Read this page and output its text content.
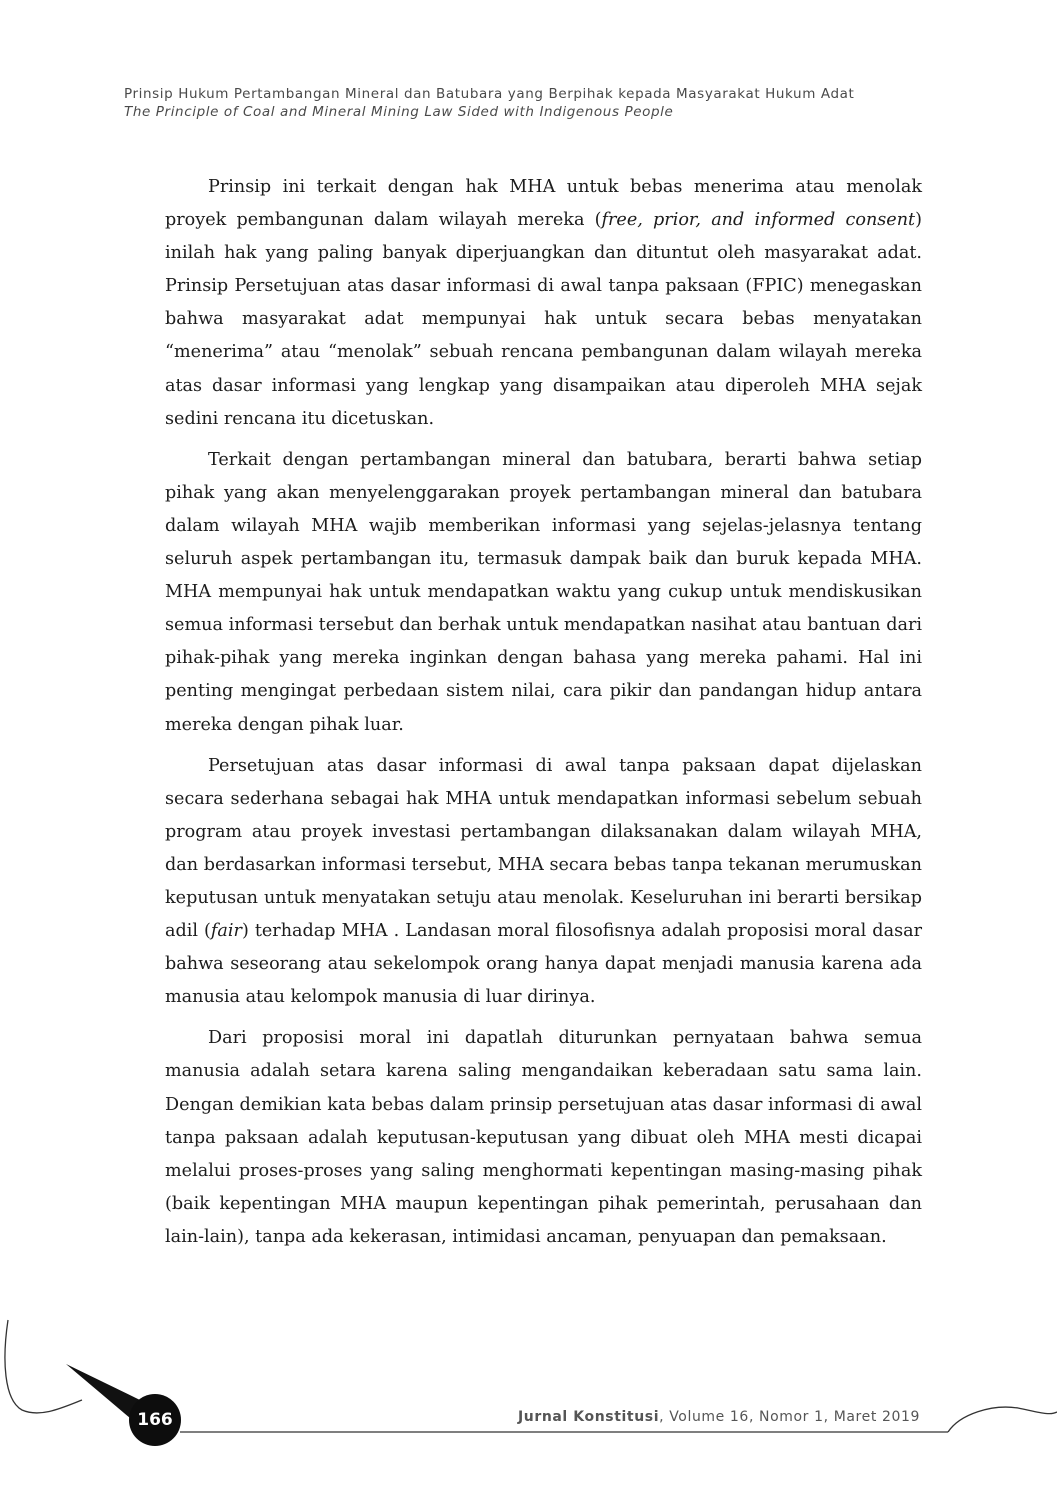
Prinsip Hukum Pertambangan Mineral dan Batubara yang Berpihak kepada Masyarakat Hukum Adat
The Principle of Coal and Mineral Mining Law Sided with Indigenous People

Prinsip ini terkait dengan hak MHA untuk bebas menerima atau menolak proyek pembangunan dalam wilayah mereka (free, prior, and informed consent) inilah hak yang paling banyak diperjuangkan dan dituntut oleh masyarakat adat. Prinsip Persetujuan atas dasar informasi di awal tanpa paksaan (FPIC) menegaskan bahwa masyarakat adat mempunyai hak untuk secara bebas menyatakan “menerima” atau “menolak” sebuah rencana pembangunan dalam wilayah mereka atas dasar informasi yang lengkap yang disampaikan atau diperoleh MHA sejak sedini rencana itu dicetuskan.

Terkait dengan pertambangan mineral dan batubara, berarti bahwa setiap pihak yang akan menyelenggarakan proyek pertambangan mineral dan batubara dalam wilayah MHA wajib memberikan informasi yang sejelas-jelasnya tentang seluruh aspek pertambangan itu, termasuk dampak baik dan buruk kepada MHA. MHA mempunyai hak untuk mendapatkan waktu yang cukup untuk mendiskusikan semua informasi tersebut dan berhak untuk mendapatkan nasihat atau bantuan dari pihak-pihak yang mereka inginkan dengan bahasa yang mereka pahami. Hal ini penting mengingat perbedaan sistem nilai, cara pikir dan pandangan hidup antara mereka dengan pihak luar.

Persetujuan atas dasar informasi di awal tanpa paksaan dapat dijelaskan secara sederhana sebagai hak MHA untuk mendapatkan informasi sebelum sebuah program atau proyek investasi pertambangan dilaksanakan dalam wilayah MHA, dan berdasarkan informasi tersebut, MHA secara bebas tanpa tekanan merumuskan keputusan untuk menyatakan setuju atau menolak. Keseluruhan ini berarti bersikap adil (fair) terhadap MHA . Landasan moral filosofisnya adalah proposisi moral dasar bahwa seseorang atau sekelompok orang hanya dapat menjadi manusia karena ada manusia atau kelompok manusia di luar dirinya.

Dari proposisi moral ini dapatlah diturunkan pernyataan bahwa semua manusia adalah setara karena saling mengandaikan keberadaan satu sama lain. Dengan demikian kata bebas dalam prinsip persetujuan atas dasar informasi di awal tanpa paksaan adalah keputusan-keputusan yang dibuat oleh MHA mesti dicapai melalui proses-proses yang saling menghormati kepentingan masing-masing pihak (baik kepentingan MHA maupun kepentingan pihak pemerintah, perusahaan dan lain-lain), tanpa ada kekerasan, intimidasi ancaman, penyuapan dan pemaksaan.

166	Jurnal Konstitusi, Volume 16, Nomor 1, Maret 2019
